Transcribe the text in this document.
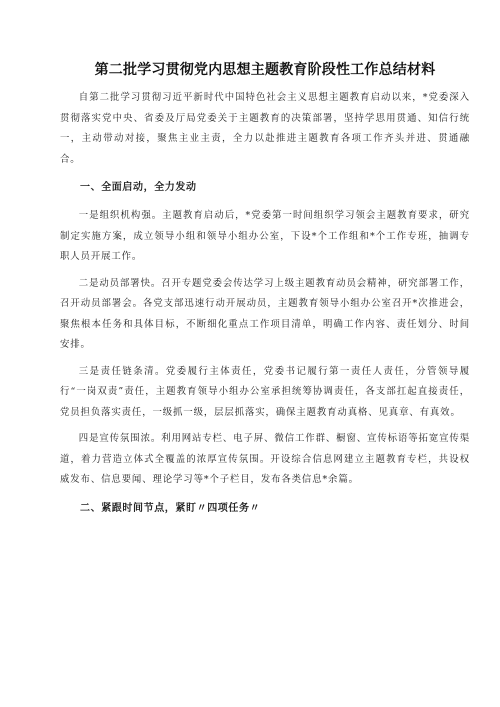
第二批学习贯彻党内思想主题教育阶段性工作总结材料

自第二批学习贯彻习近平新时代中国特色社会主义思想主题教育启动以来，*党委深入贯彻落实党中央、省委及厅局党委关于主题教育的决策部署，坚持学思用贯通、知信行统一，主动带动对接，聚焦主业主责，全力以赴推进主题教育各项工作齐头并进、贯通融合。

一、全面启动，全力发动

一是组织机构强。主题教育启动后，*党委第一时间组织学习领会主题教育要求，研究制定实施方案，成立领导小组和领导小组办公室，下设*个工作组和*个工作专班，抽调专职人员开展工作。

二是动员部署快。召开专题党委会传达学习上级主题教育动员会精神，研究部署工作，召开动员部署会。各党支部迅速行动开展动员，主题教育领导小组办公室召开*次推进会，聚焦根本任务和具体目标，不断细化重点工作项目清单，明确工作内容、责任划分、时间安排。

三是责任链条清。党委履行主体责任，党委书记履行第一责任人责任，分管领导履行“一岗双责”责任，主题教育领导小组办公室承担统筹协调责任，各支部扛起直接责任，党员担负落实责任，一级抓一级，层层抓落实，确保主题教育动真格、见真章、有真效。

四是宣传氛围浓。利用网站专栏、电子屏、微信工作群、橱窗、宣传标语等拓宽宣传渠道，着力营造立体式全覆盖的浓厚宣传氛围。开设综合信息网建立主题教育专栏，共设权威发布、信息要闻、理论学习等*个子栏目，发布各类信息*余篇。

二、紧跟时间节点，紧盯〃四项任务〃
